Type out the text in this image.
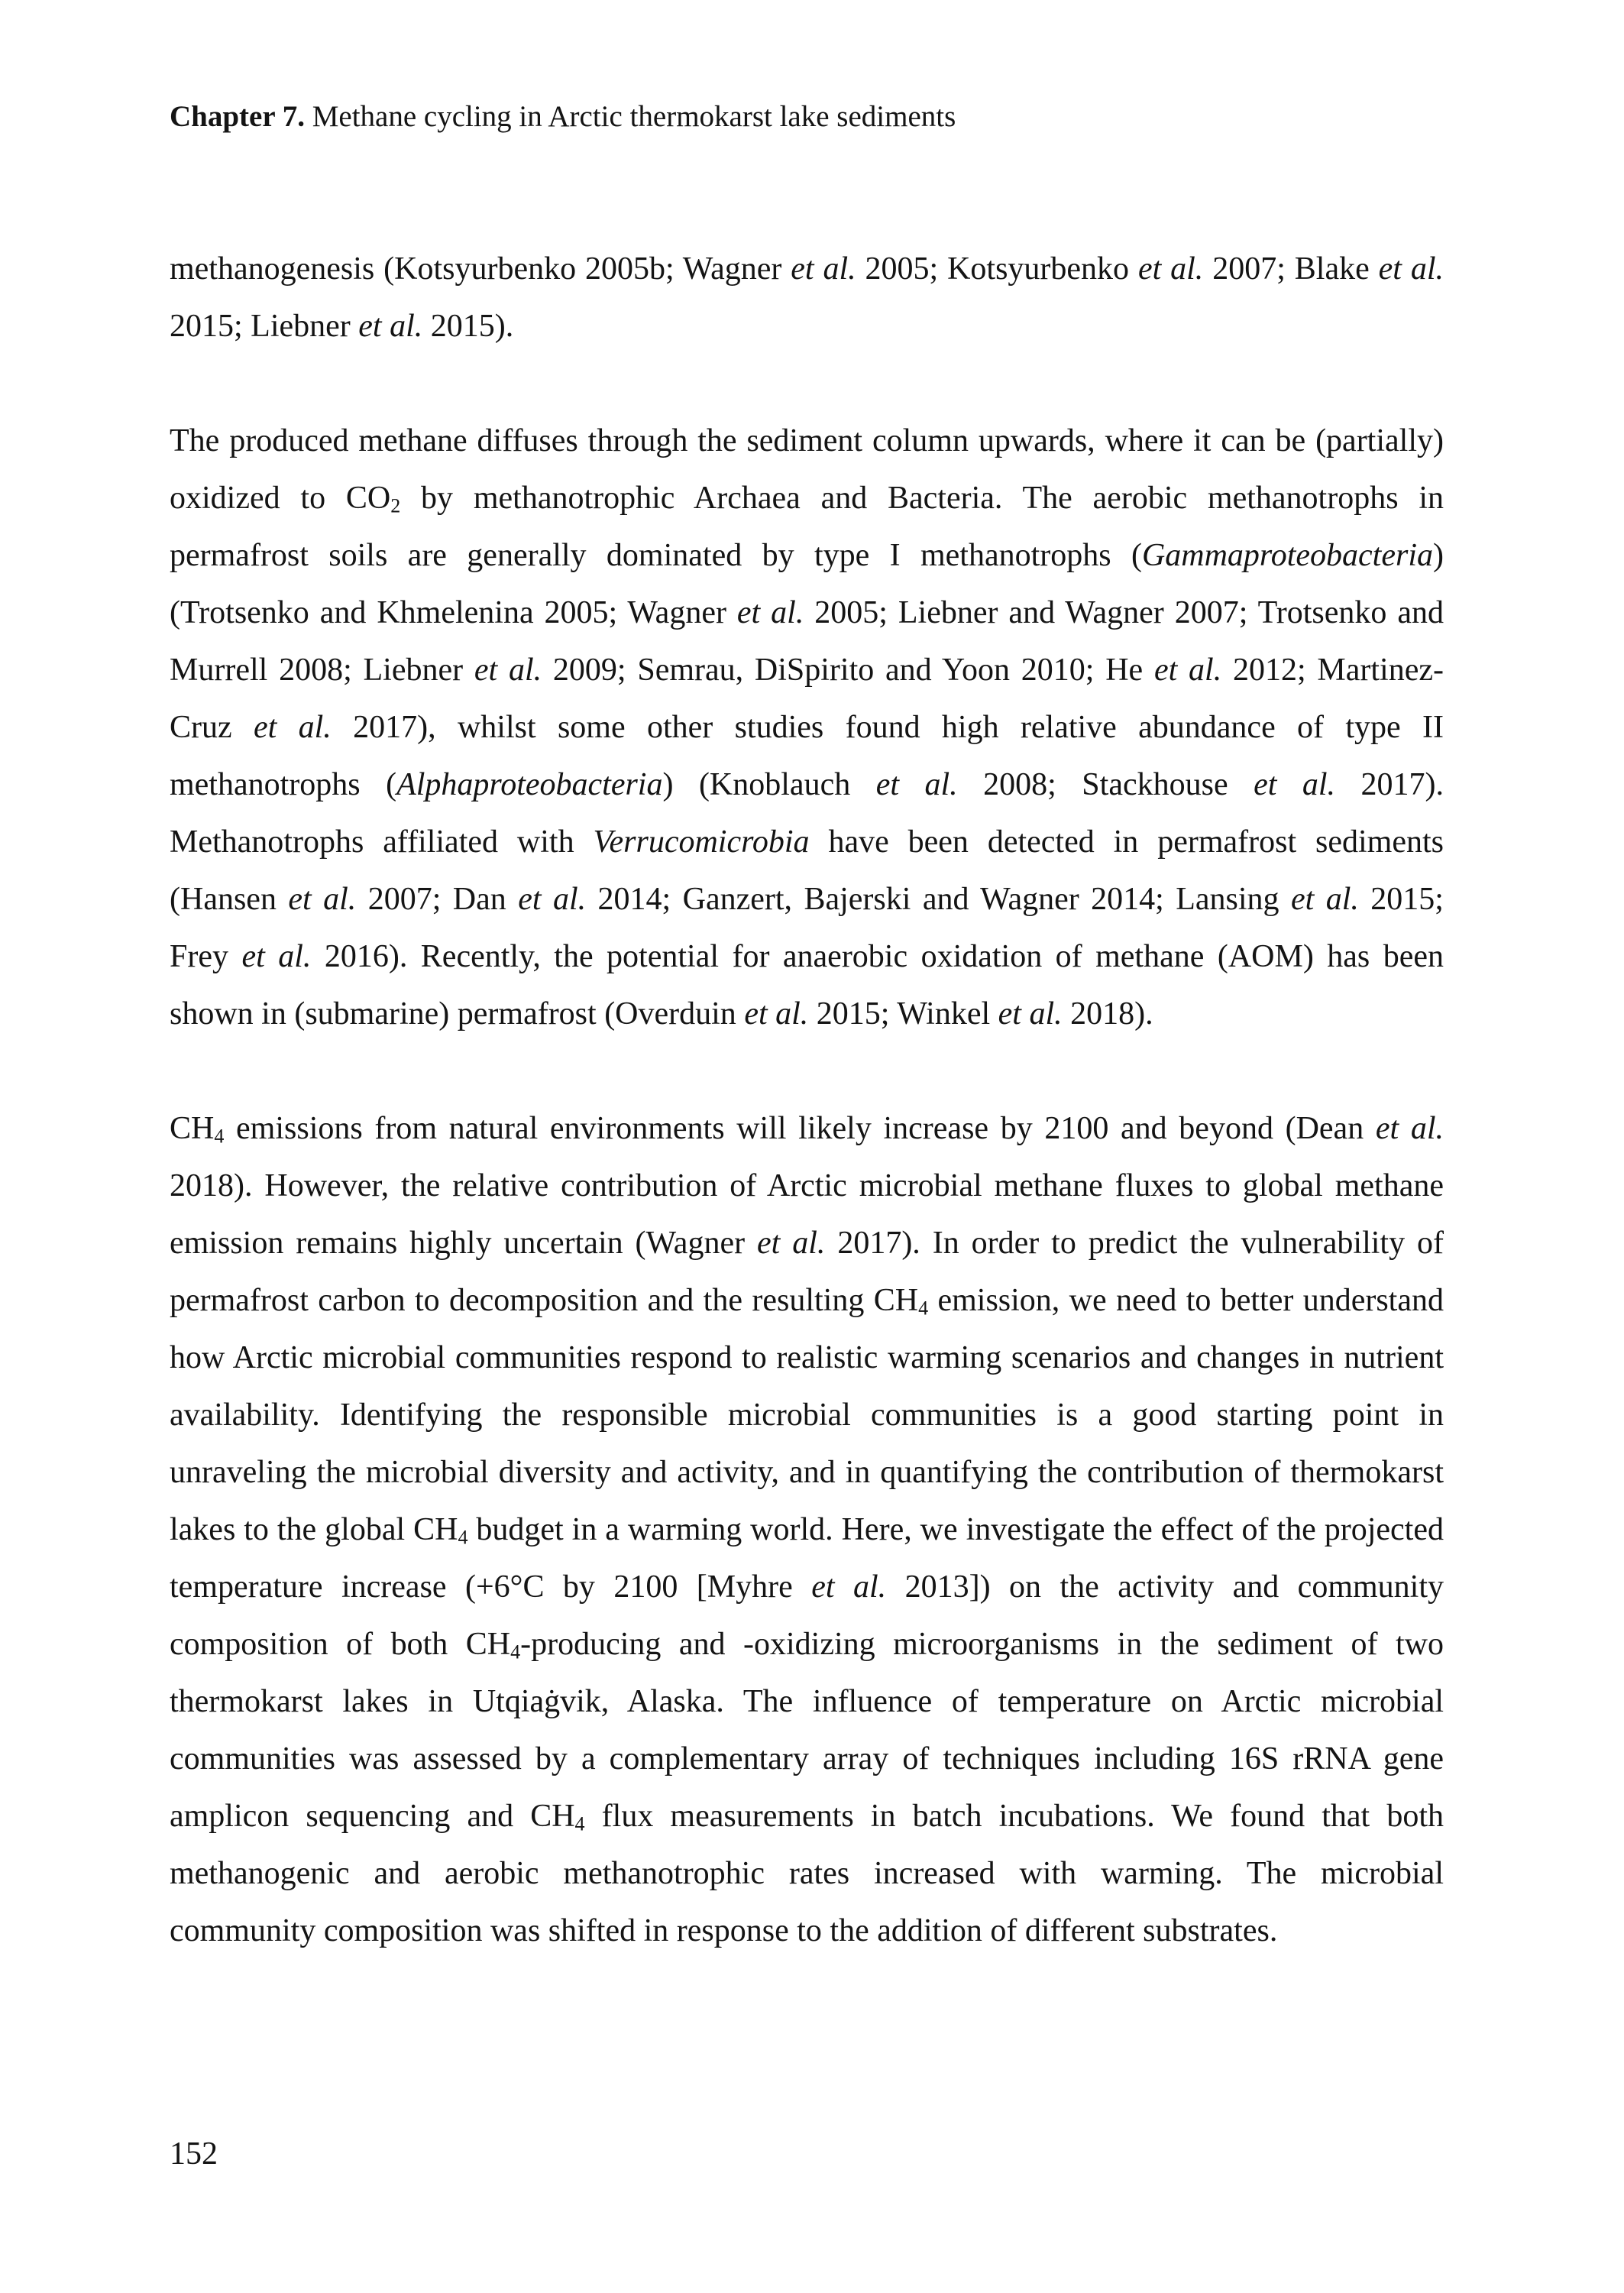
Chapter 7. Methane cycling in Arctic thermokarst lake sediments

methanogenesis (Kotsyurbenko 2005b; Wagner et al. 2005; Kotsyurbenko et al. 2007; Blake et al. 2015; Liebner et al. 2015).

The produced methane diffuses through the sediment column upwards, where it can be (partially) oxidized to $CO_2$ by methanotrophic Archaea and Bacteria. The aerobic methanotrophs in permafrost soils are generally dominated by type I methanotrophs (Gammaproteobacteria) (Trotsenko and Khmelenina 2005; Wagner et al. 2005; Liebner and Wagner 2007; Trotsenko and Murrell 2008; Liebner et al. 2009; Semrau, DiSpirito and Yoon 2010; He et al. 2012; Martinez-Cruz et al. 2017), whilst some other studies found high relative abundance of type II methanotrophs (Alphaproteobacteria) (Knoblauch et al. 2008; Stackhouse et al. 2017). Methanotrophs affiliated with Verrucomicrobia have been detected in permafrost sediments (Hansen et al. 2007; Dan et al. 2014; Ganzert, Bajerski and Wagner 2014; Lansing et al. 2015; Frey et al. 2016). Recently, the potential for anaerobic oxidation of methane (AOM) has been shown in (submarine) permafrost (Overduin et al. 2015; Winkel et al. 2018).

$CH_4$ emissions from natural environments will likely increase by 2100 and beyond (Dean et al. 2018). However, the relative contribution of Arctic microbial methane fluxes to global methane emission remains highly uncertain (Wagner et al. 2017). In order to predict the vulnerability of permafrost carbon to decomposition and the resulting $CH_4$ emission, we need to better understand how Arctic microbial communities respond to realistic warming scenarios and changes in nutrient availability. Identifying the responsible microbial communities is a good starting point in unraveling the microbial diversity and activity, and in quantifying the contribution of thermokarst lakes to the global $CH_4$ budget in a warming world. Here, we investigate the effect of the projected temperature increase (+6°C by 2100 [Myhre et al. 2013]) on the activity and community composition of both $CH_4$-producing and -oxidizing microorganisms in the sediment of two thermokarst lakes in Utqiaġvik, Alaska. The influence of temperature on Arctic microbial communities was assessed by a complementary array of techniques including 16S rRNA gene amplicon sequencing and $CH_4$ flux measurements in batch incubations. We found that both methanogenic and aerobic methanotrophic rates increased with warming. The microbial community composition was shifted in response to the addition of different substrates.

152
